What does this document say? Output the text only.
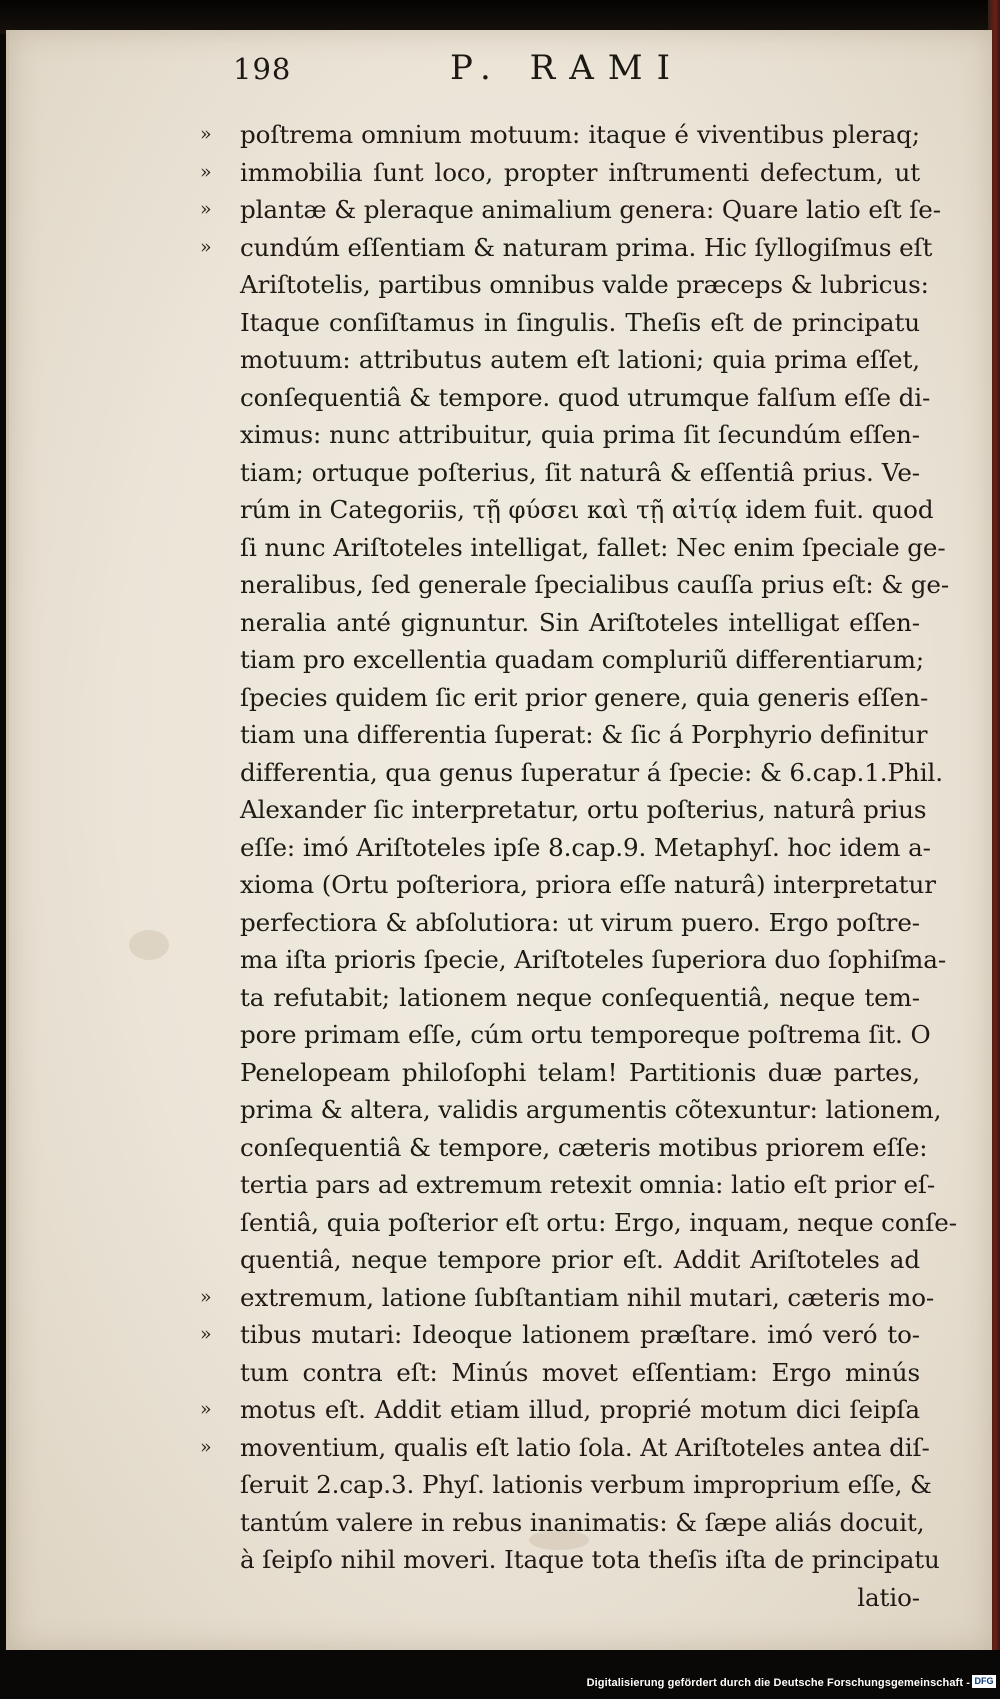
198	P. RAMI
»	poſtrema omnium motuum: itaque é viventibus pleraq;
»	immobilia ſunt loco, propter inſtrumenti defectum, ut
»	plantæ & pleraque animalium genera: Quare latio eſt ſe-
»	cundúm eſſentiam & naturam prima. Hic ſyllogiſmus eſt
Ariſtotelis, partibus omnibus valde præceps & lubricus:
Itaque conſiſtamus in ſingulis. Theſis eſt de principatu
motuum: attributus autem eſt lationi; quia prima eſſet,
conſequentiâ & tempore. quod utrumque falſum eſſe di-
ximus: nunc attribuitur, quia prima ſit ſecundúm eſſen-
tiam; ortuque poſterius, ſit naturâ & eſſentiâ prius. Ve-
rúm in Categoriis, τῇ φύσει καὶ τῇ αἰτίᾳ idem fuit. quod
ſi nunc Ariſtoteles intelligat, fallet: Nec enim ſpeciale ge-
neralibus, ſed generale ſpecialibus cauſſa prius eſt: & ge-
neralia anté gignuntur. Sin Ariſtoteles intelligat eſſen-
tiam pro excellentia quadam compluriũ differentiarum;
ſpecies quidem ſic erit prior genere, quia generis eſſen-
tiam una differentia ſuperat: & ſic á Porphyrio definitur
differentia, qua genus ſuperatur á ſpecie: & 6.cap.1.Phil.
Alexander ſic interpretatur, ortu poſterius, naturâ prius
eſſe: imó Ariſtoteles ipſe 8.cap.9. Metaphyſ. hoc idem a-
xioma (Ortu poſteriora, priora eſſe naturâ) interpretatur
perfectiora & abſolutiora: ut virum puero. Ergo poſtre-
ma iſta prioris ſpecie, Ariſtoteles ſuperiora duo ſophiſma-
ta refutabit; lationem neque conſequentiâ, neque tem-
pore primam eſſe, cúm ortu temporeque poſtrema ſit. O
Penelopeam philoſophi telam! Partitionis duæ partes,
prima & altera, validis argumentis cõtexuntur: lationem,
conſequentiâ & tempore, cæteris motibus priorem eſſe:
tertia pars ad extremum retexit omnia: latio eſt prior eſ-
ſentiâ, quia poſterior eſt ortu: Ergo, inquam, neque conſe-
quentiâ, neque tempore prior eſt. Addit Ariſtoteles ad
»	extremum, latione ſubſtantiam nihil mutari, cæteris mo-
»	tibus mutari: Ideoque lationem præſtare. imó veró to-
tum contra eſt: Minús movet eſſentiam: Ergo minús
»	motus eſt. Addit etiam illud, proprié motum dici ſeipſa
»	moventium, qualis eſt latio ſola. At Ariſtoteles antea diſ-
ſeruit 2.cap.3. Phyſ. lationis verbum improprium eſſe, &
tantúm valere in rebus inanimatis: & ſæpe aliás docuit,
à ſeipſo nihil moveri. Itaque tota theſis iſta de principatu
latio-
Digitalisierung gefördert durch die Deutsche Forschungsgemeinschaft - DFG
